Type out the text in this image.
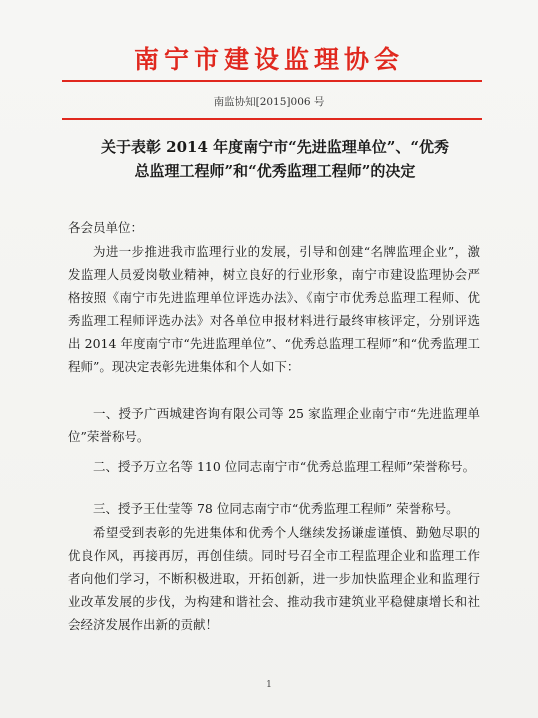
南宁市建设监理协会
南监协知[2015]006 号
关于表彰 2014 年度南宁市“先进监理单位”、“优秀
总监理工程师”和“优秀监理工程师”的决定
各会员单位：
为进一步推进我市监理行业的发展，引导和创建“名牌监理企业”，激发监理人员爱岗敬业精神，树立良好的行业形象，南宁市建设监理协会严格按照《南宁市先进监理单位评选办法》、《南宁市优秀总监理工程师、优秀监理工程师评选办法》对各单位申报材料进行最终审核评定，分别评选出 2014 年度南宁市“先进监理单位”、“优秀总监理工程师”和“优秀监理工程师”。现决定表彰先进集体和个人如下：
一、授予广西城建咨询有限公司等 25 家监理企业南宁市“先进监理单位”荣誉称号。
二、授予万立名等 110 位同志南宁市“优秀总监理工程师”荣誉称号。
三、授予王仕莹等 78 位同志南宁市“优秀监理工程师” 荣誉称号。
希望受到表彰的先进集体和优秀个人继续发扬谦虚谨慎、勤勉尽职的优良作风，再接再厉，再创佳绩。同时号召全市工程监理企业和监理工作者向他们学习，不断积极进取，开拓创新，进一步加快监理企业和监理行业改革发展的步伐，为构建和谐社会、推动我市建筑业平稳健康增长和社会经济发展作出新的贡献！
1
